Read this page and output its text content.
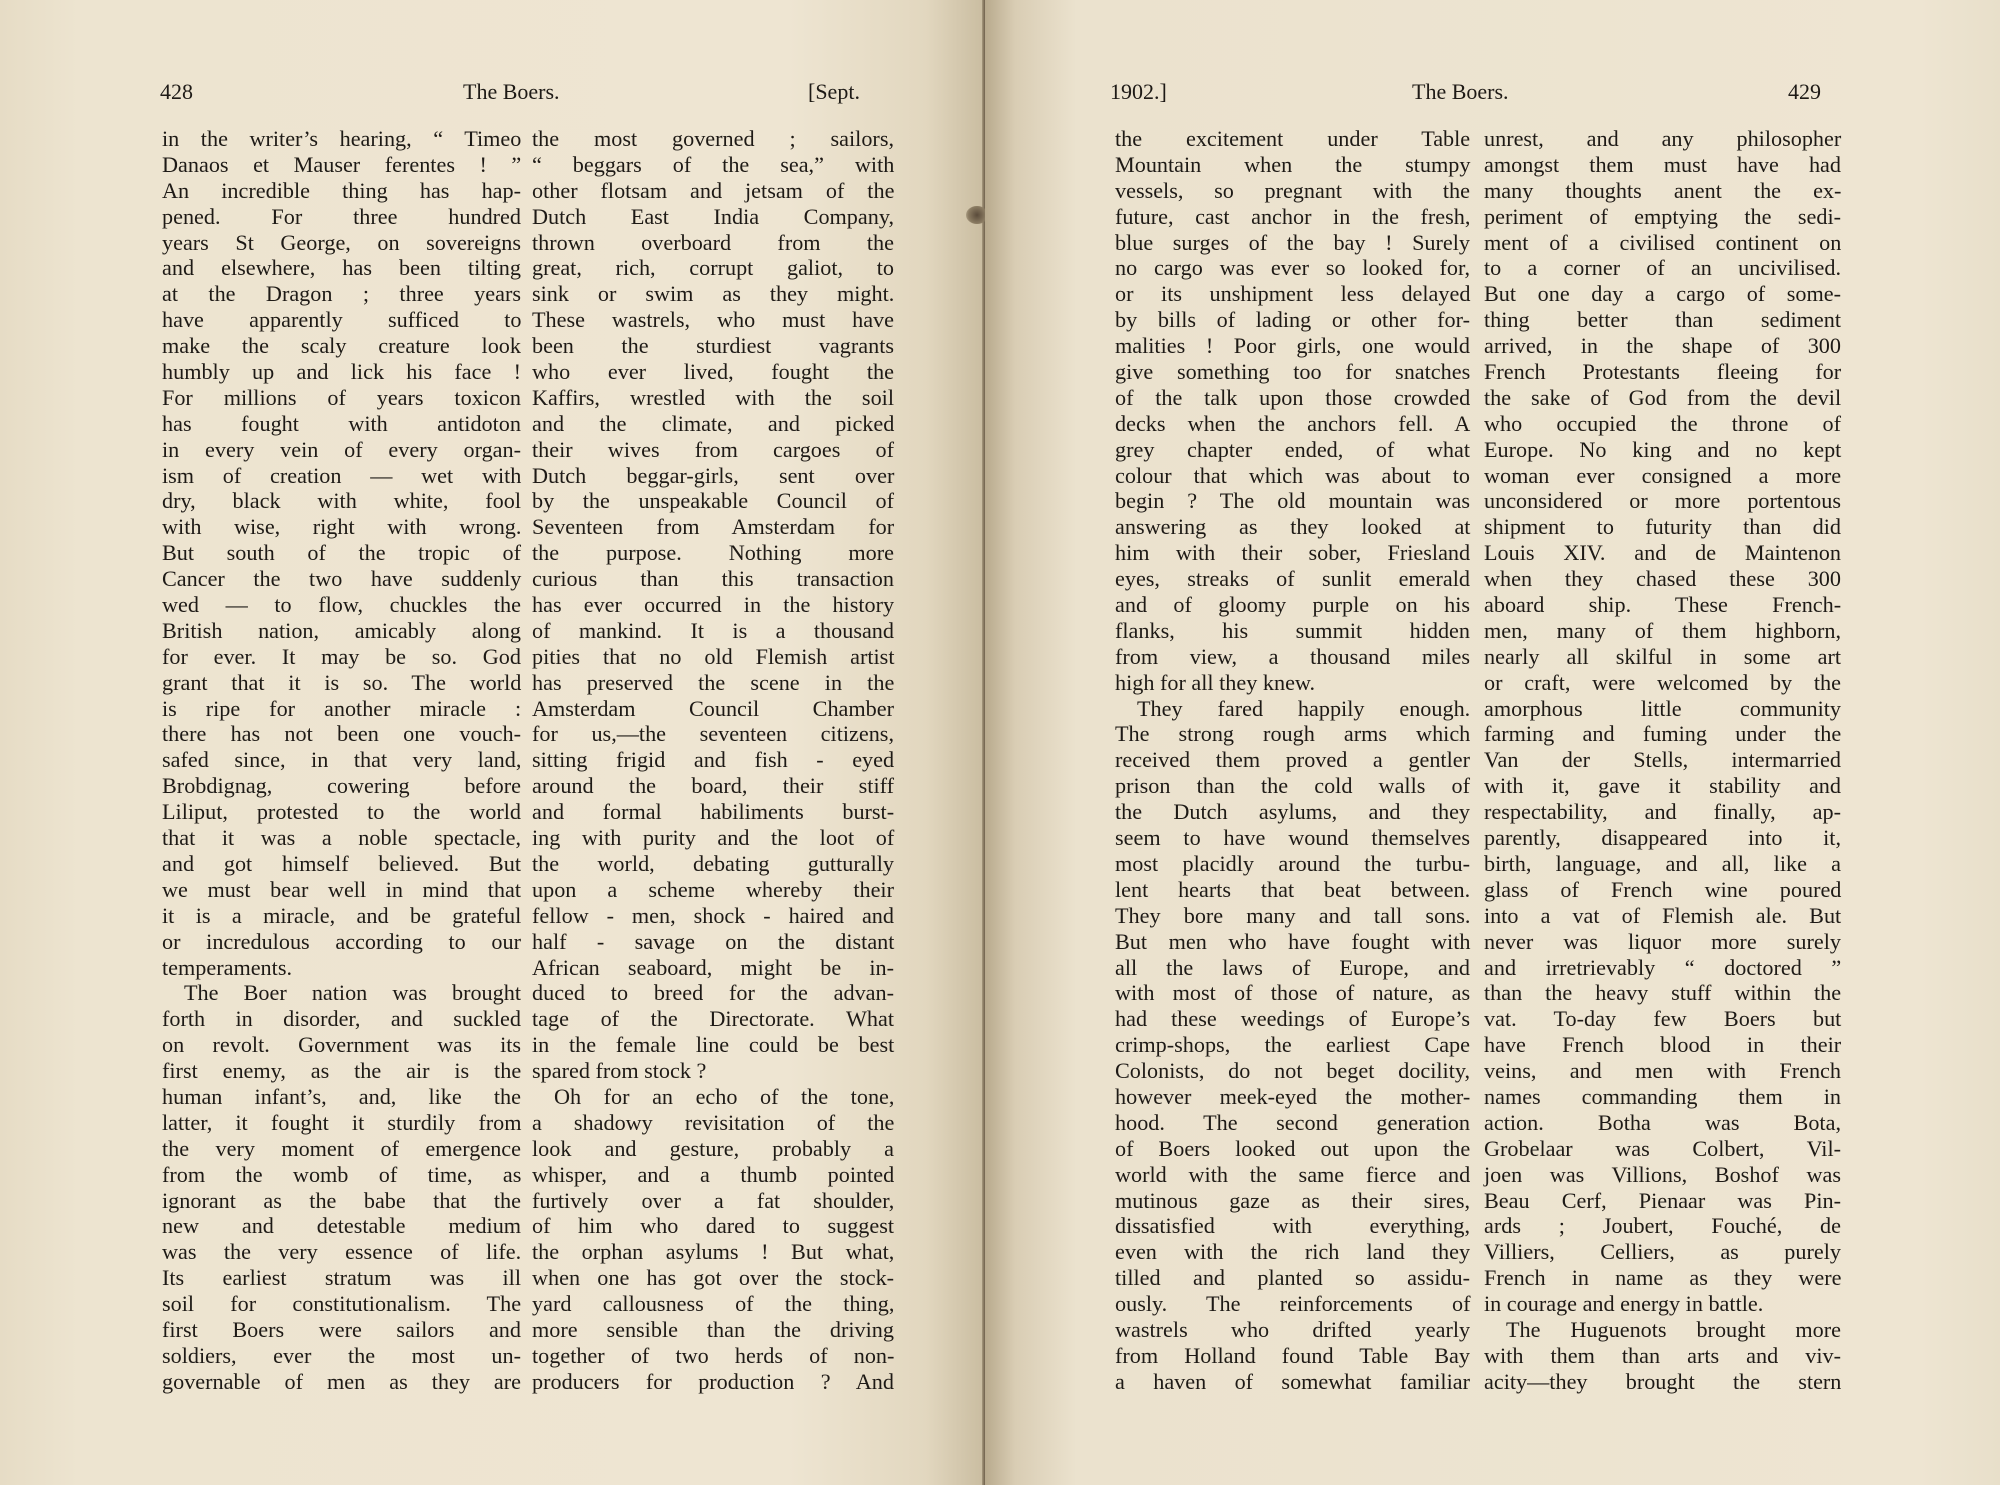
428	The Boers.	[Sept.
in the writer’s hearing, “ Timeo
Danaos et Mauser ferentes ! ”
An incredible thing has hap-
pened. For three hundred
years St George, on sovereigns
and elsewhere, has been tilting
at the Dragon ; three years
have apparently sufficed to
make the scaly creature look
humbly up and lick his face !
For millions of years toxicon
has fought with antidoton
in every vein of every organ-
ism of creation — wet with
dry, black with white, fool
with wise, right with wrong.
But south of the tropic of
Cancer the two have suddenly
wed — to flow, chuckles the
British nation, amicably along
for ever. It may be so. God
grant that it is so. The world
is ripe for another miracle :
there has not been one vouch-
safed since, in that very land,
Brobdignag, cowering before
Liliput, protested to the world
that it was a noble spectacle,
and got himself believed. But
we must bear well in mind that
it is a miracle, and be grateful
or incredulous according to our
temperaments.
The Boer nation was brought
forth in disorder, and suckled
on revolt. Government was its
first enemy, as the air is the
human infant’s, and, like the
latter, it fought it sturdily from
the very moment of emergence
from the womb of time, as
ignorant as the babe that the
new and detestable medium
was the very essence of life.
Its earliest stratum was ill
soil for constitutionalism. The
first Boers were sailors and
soldiers, ever the most un-
governable of men as they are
the most governed ; sailors,
“ beggars of the sea,” with
other flotsam and jetsam of the
Dutch East India Company,
thrown overboard from the
great, rich, corrupt galiot, to
sink or swim as they might.
These wastrels, who must have
been the sturdiest vagrants
who ever lived, fought the
Kaffirs, wrestled with the soil
and the climate, and picked
their wives from cargoes of
Dutch beggar-girls, sent over
by the unspeakable Council of
Seventeen from Amsterdam for
the purpose. Nothing more
curious than this transaction
has ever occurred in the history
of mankind. It is a thousand
pities that no old Flemish artist
has preserved the scene in the
Amsterdam Council Chamber
for us,—the seventeen citizens,
sitting frigid and fish - eyed
around the board, their stiff
and formal habiliments burst-
ing with purity and the loot of
the world, debating gutturally
upon a scheme whereby their
fellow - men, shock - haired and
half - savage on the distant
African seaboard, might be in-
duced to breed for the advan-
tage of the Directorate. What
in the female line could be best
spared from stock ?
Oh for an echo of the tone,
a shadowy revisitation of the
look and gesture, probably a
whisper, and a thumb pointed
furtively over a fat shoulder,
of him who dared to suggest
the orphan asylums ! But what,
when one has got over the stock-
yard callousness of the thing,
more sensible than the driving
together of two herds of non-
producers for production ? And
1902.]	The Boers.	429
the excitement under Table
Mountain when the stumpy
vessels, so pregnant with the
future, cast anchor in the fresh,
blue surges of the bay ! Surely
no cargo was ever so looked for,
or its unshipment less delayed
by bills of lading or other for-
malities ! Poor girls, one would
give something too for snatches
of the talk upon those crowded
decks when the anchors fell. A
grey chapter ended, of what
colour that which was about to
begin ? The old mountain was
answering as they looked at
him with their sober, Friesland
eyes, streaks of sunlit emerald
and of gloomy purple on his
flanks, his summit hidden
from view, a thousand miles
high for all they knew.
They fared happily enough.
The strong rough arms which
received them proved a gentler
prison than the cold walls of
the Dutch asylums, and they
seem to have wound themselves
most placidly around the turbu-
lent hearts that beat between.
They bore many and tall sons.
But men who have fought with
all the laws of Europe, and
with most of those of nature, as
had these weedings of Europe’s
crimp-shops, the earliest Cape
Colonists, do not beget docility,
however meek-eyed the mother-
hood. The second generation
of Boers looked out upon the
world with the same fierce and
mutinous gaze as their sires,
dissatisfied with everything,
even with the rich land they
tilled and planted so assidu-
ously. The reinforcements of
wastrels who drifted yearly
from Holland found Table Bay
a haven of somewhat familiar
unrest, and any philosopher
amongst them must have had
many thoughts anent the ex-
periment of emptying the sedi-
ment of a civilised continent on
to a corner of an uncivilised.
But one day a cargo of some-
thing better than sediment
arrived, in the shape of 300
French Protestants fleeing for
the sake of God from the devil
who occupied the throne of
Europe. No king and no kept
woman ever consigned a more
unconsidered or more portentous
shipment to futurity than did
Louis XIV. and de Maintenon
when they chased these 300
aboard ship. These French-
men, many of them highborn,
nearly all skilful in some art
or craft, were welcomed by the
amorphous little community
farming and fuming under the
Van der Stells, intermarried
with it, gave it stability and
respectability, and finally, ap-
parently, disappeared into it,
birth, language, and all, like a
glass of French wine poured
into a vat of Flemish ale. But
never was liquor more surely
and irretrievably “ doctored ”
than the heavy stuff within the
vat. To-day few Boers but
have French blood in their
veins, and men with French
names commanding them in
action. Botha was Bota,
Grobelaar was Colbert, Vil-
joen was Villions, Boshof was
Beau Cerf, Pienaar was Pin-
ards ; Joubert, Fouché, de
Villiers, Celliers, as purely
French in name as they were
in courage and energy in battle.
The Huguenots brought more
with them than arts and viv-
acity—they brought the stern
